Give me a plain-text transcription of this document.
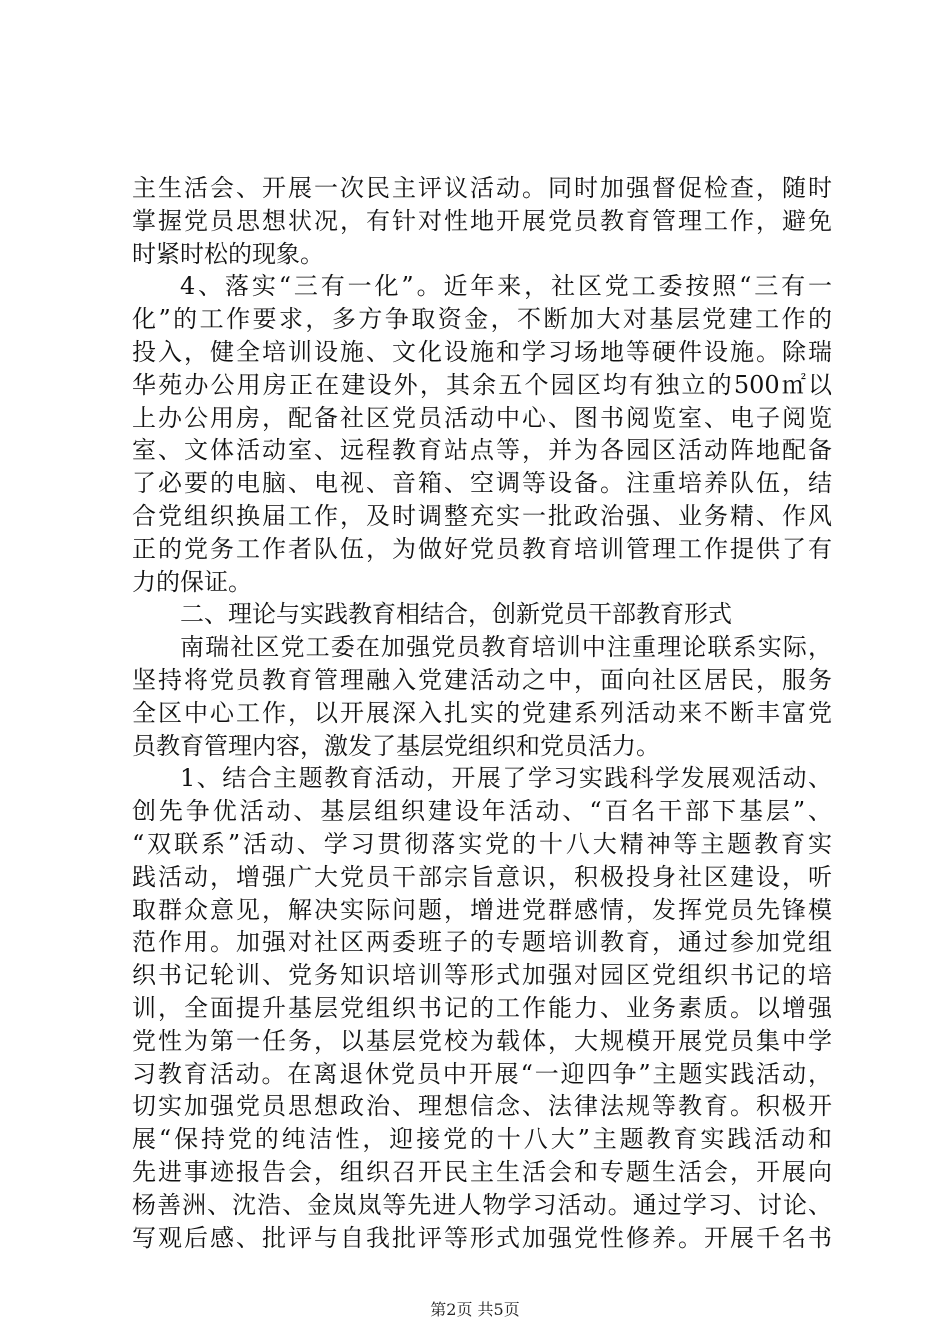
主生活会、开展一次民主评议活动。同时加强督促检查，随时
掌握党员思想状况，有针对性地开展党员教育管理工作，避免
时紧时松的现象。
4、落实“三有一化”。近年来，社区党工委按照“三有一
化”的工作要求，多方争取资金，不断加大对基层党建工作的
投入，健全培训设施、文化设施和学习场地等硬件设施。除瑞
华苑办公用房正在建设外，其余五个园区均有独立的500㎡以
上办公用房，配备社区党员活动中心、图书阅览室、电子阅览
室、文体活动室、远程教育站点等，并为各园区活动阵地配备
了必要的电脑、电视、音箱、空调等设备。注重培养队伍，结
合党组织换届工作，及时调整充实一批政治强、业务精、作风
正的党务工作者队伍，为做好党员教育培训管理工作提供了有
力的保证。
二、理论与实践教育相结合，创新党员干部教育形式
南瑞社区党工委在加强党员教育培训中注重理论联系实际，
坚持将党员教育管理融入党建活动之中，面向社区居民，服务
全区中心工作，以开展深入扎实的党建系列活动来不断丰富党
员教育管理内容，激发了基层党组织和党员活力。
1、结合主题教育活动，开展了学习实践科学发展观活动、
创先争优活动、基层组织建设年活动、“百名干部下基层”、
“双联系”活动、学习贯彻落实党的十八大精神等主题教育实
践活动，增强广大党员干部宗旨意识，积极投身社区建设，听
取群众意见，解决实际问题，增进党群感情，发挥党员先锋模
范作用。加强对社区两委班子的专题培训教育，通过参加党组
织书记轮训、党务知识培训等形式加强对园区党组织书记的培
训，全面提升基层党组织书记的工作能力、业务素质。以增强
党性为第一任务，以基层党校为载体，大规模开展党员集中学
习教育活动。在离退休党员中开展“一迎四争”主题实践活动，
切实加强党员思想政治、理想信念、法律法规等教育。积极开
展“保持党的纯洁性，迎接党的十八大”主题教育实践活动和
先进事迹报告会，组织召开民主生活会和专题生活会，开展向
杨善洲、沈浩、金岚岚等先进人物学习活动。通过学习、讨论、
写观后感、批评与自我批评等形式加强党性修养。开展千名书
第2页 共5页
